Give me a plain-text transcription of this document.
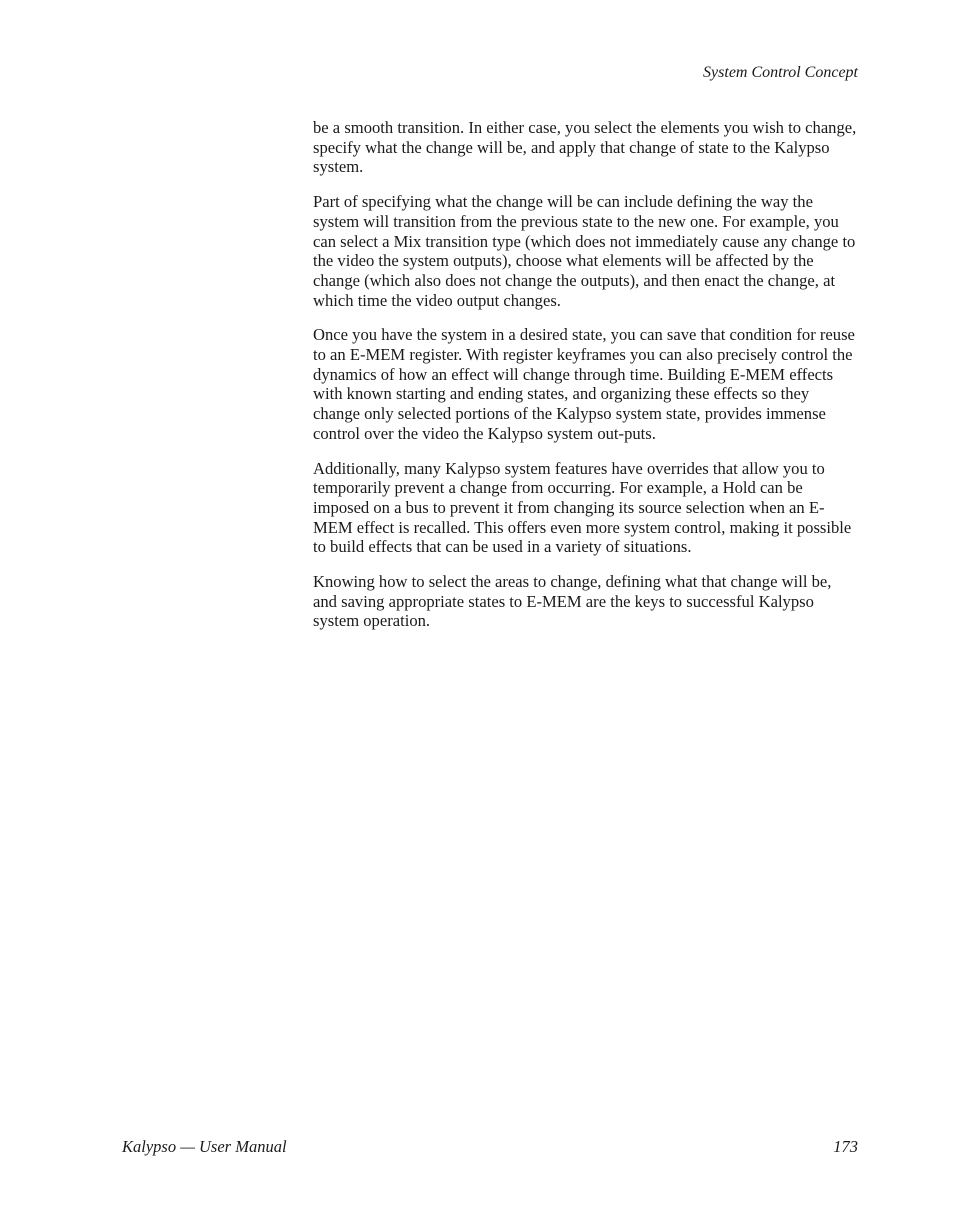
System Control Concept

be a smooth transition. In either case, you select the elements you wish to change, specify what the change will be, and apply that change of state to the Kalypso system.

Part of specifying what the change will be can include defining the way the system will transition from the previous state to the new one. For example, you can select a Mix transition type (which does not immediately cause any change to the video the system outputs), choose what elements will be affected by the change (which also does not change the outputs), and then enact the change, at which time the video output changes.

Once you have the system in a desired state, you can save that condition for reuse to an E-MEM register. With register keyframes you can also precisely control the dynamics of how an effect will change through time. Building E-MEM effects with known starting and ending states, and organizing these effects so they change only selected portions of the Kalypso system state, provides immense control over the video the Kalypso system out-puts.

Additionally, many Kalypso system features have overrides that allow you to temporarily prevent a change from occurring. For example, a Hold can be imposed on a bus to prevent it from changing its source selection when an E-MEM effect is recalled. This offers even more system control, making it possible to build effects that can be used in a variety of situations.

Knowing how to select the areas to change, defining what that change will be, and saving appropriate states to E-MEM are the keys to successful Kalypso system operation.

Kalypso — User Manual	173
